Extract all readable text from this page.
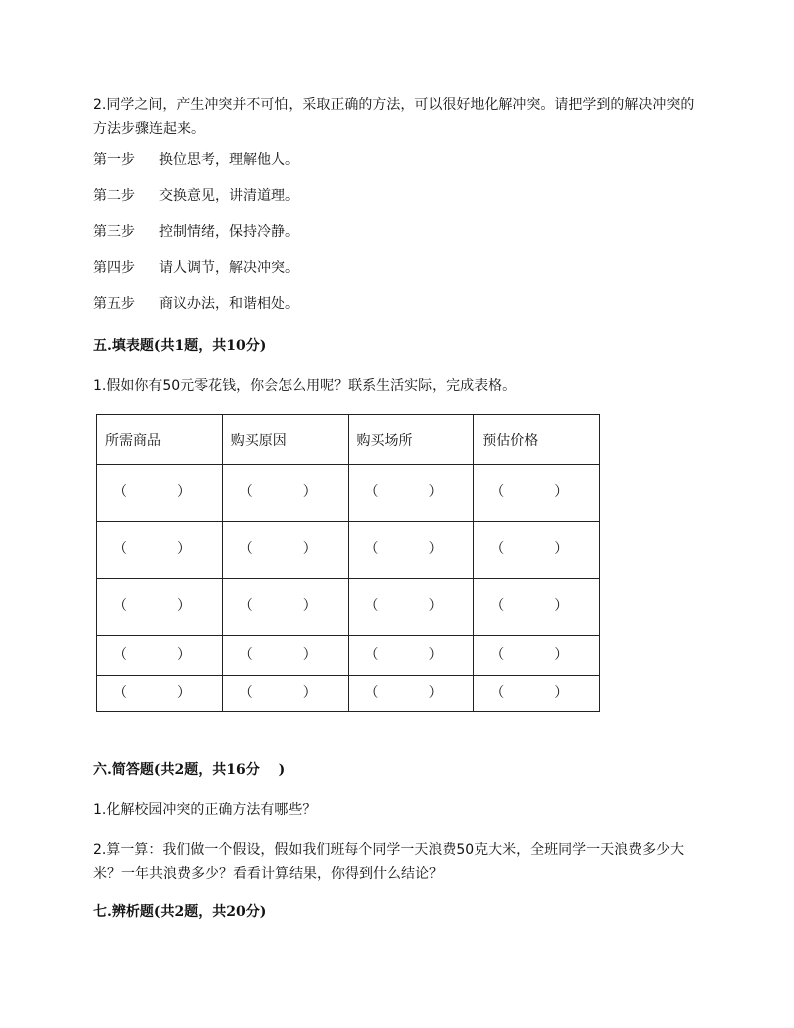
2.同学之间，产生冲突并不可怕，采取正确的方法，可以很好地化解冲突。请把学到的解决冲突的方法步骤连起来。
第一步 换位思考，理解他人。
第二步 交换意见，讲清道理。
第三步 控制情绪，保持冷静。
第四步 请人调节，解决冲突。
第五步 商议办法，和谐相处。
五.填表题(共1题，共10分)
1.假如你有50元零花钱，你会怎么用呢？联系生活实际，完成表格。
所需商品	购买原因	购买场所	预估价格

（ ）	（ ）	（ ）	（ ）

（ ）	（ ）	（ ）	（ ）

（ ）	（ ）	（ ）	（ ）

（ ）	（ ）	（ ）	（ ）

（ ）	（ ）	（ ）	（ ）
六.简答题(共2题，共16分　 )
1.化解校园冲突的正确方法有哪些？
2.算一算：我们做一个假设，假如我们班每个同学一天浪费50克大米，全班同学一天浪费多少大米？一年共浪费多少？看看计算结果，你得到什么结论？
七.辨析题(共2题，共20分)
